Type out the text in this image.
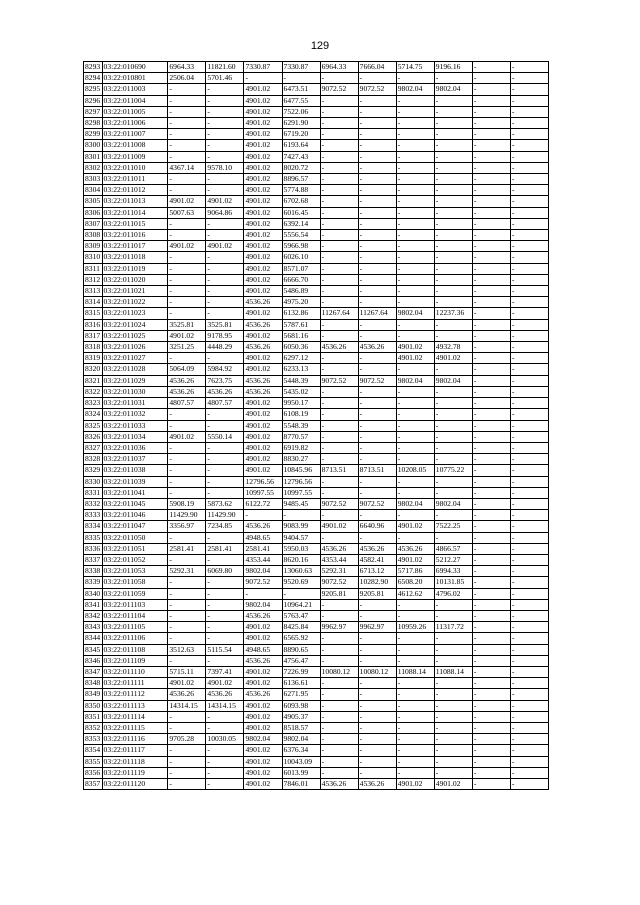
129
8293	03:22:010690	6964.33	11821.60	7330.87	7330.87	6964.33	7666.04	5714.75	9196.16	-	-
8294	03:22:010801	2506.04	5701.46	-	-	-	-	-	-	-	-
8295	03:22:011003	-	-	4901.02	6473.51	9072.52	9072.52	9802.04	9802.04	-	-
8296	03:22:011004	-	-	4901.02	6477.55	-	-	-	-	-	-
8297	03:22:011005	-	-	4901.02	7522.06	-	-	-	-	-	-
8298	03:22:011006	-	-	4901.02	6291.90	-	-	-	-	-	-
8299	03:22:011007	-	-	4901.02	6719.20	-	-	-	-	-	-
8300	03:22:011008	-	-	4901.02	6193.64	-	-	-	-	-	-
8301	03:22:011009	-	-	4901.02	7427.43	-	-	-	-	-	-
8302	03:22:011010	4367.14	9578.10	4901.02	8020.72	-	-	-	-	-	-
8303	03:22:011011	-	-	4901.02	8896.57	-	-	-	-	-	-
8304	03:22:011012	-	-	4901.02	5774.88	-	-	-	-	-	-
8305	03:22:011013	4901.02	4901.02	4901.02	6702.68	-	-	-	-	-	-
8306	03:22:011014	5007.63	9064.86	4901.02	6016.45	-	-	-	-	-	-
8307	03:22:011015	-	-	4901.02	6392.14	-	-	-	-	-	-
8308	03:22:011016	-	-	4901.02	5556.54	-	-	-	-	-	-
8309	03:22:011017	4901.02	4901.02	4901.02	5966.98	-	-	-	-	-	-
8310	03:22:011018	-	-	4901.02	6026.10	-	-	-	-	-	-
8311	03:22:011019	-	-	4901.02	8571.07	-	-	-	-	-	-
8312	03:22:011020	-	-	4901.02	6666.70	-	-	-	-	-	-
8313	03:22:011021	-	-	4901.02	5486.89	-	-	-	-	-	-
8314	03:22:011022	-	-	4536.26	4975.20	-	-	-	-	-	-
8315	03:22:011023	-	-	4901.02	6132.86	11267.64	11267.64	9802.04	12237.36	-	-
8316	03:22:011024	3525.81	3525.81	4536.26	5787.61	-	-	-	-	-	-
8317	03:22:011025	4901.02	9178.95	4901.02	5681.16	-	-	-	-	-	-
8318	03:22:011026	3251.25	4448.29	4536.26	6050.36	4536.26	4536.26	4901.02	4932.78	-	-
8319	03:22:011027	-	-	4901.02	6297.12	-	-	4901.02	4901.02	-	-
8320	03:22:011028	5064.09	5984.92	4901.02	6233.13	-	-	-	-	-	-
8321	03:22:011029	4536.26	7623.75	4536.26	5448.39	9072.52	9072.52	9802.04	9802.04	-	-
8322	03:22:011030	4536.26	4536.26	4536.26	5435.02	-	-	-	-	-	-
8323	03:22:011031	4807.57	4807.57	4901.02	9950.17	-	-	-	-	-	-
8324	03:22:011032	-	-	4901.02	6108.19	-	-	-	-	-	-
8325	03:22:011033	-	-	4901.02	5548.39	-	-	-	-	-	-
8326	03:22:011034	4901.02	5550.14	4901.02	8770.57	-	-	-	-	-	-
8327	03:22:011036	-	-	4901.02	6919.82	-	-	-	-	-	-
8328	03:22:011037	-	-	4901.02	8830.27	-	-	-	-	-	-
8329	03:22:011038	-	-	4901.02	10845.96	8713.51	8713.51	10208.05	10775.22	-	-
8330	03:22:011039	-	-	12796.56	12796.56	-	-	-	-	-	-
8331	03:22:011041	-	-	10997.55	10997.55	-	-	-	-	-	-
8332	03:22:011045	5908.19	5873.62	6122.72	9485.45	9072.52	9072.52	9802.04	9802.04	-	-
8333	03:22:011046	11429.90	11429.90	-	-	-	-	-	-	-	-
8334	03:22:011047	3356.97	7234.85	4536.26	9083.99	4901.02	6640.96	4901.02	7522.25	-	-
8335	03:22:011050	-	-	4948.65	9404.57	-	-	-	-	-	-
8336	03:22:011051	2581.41	2581.41	2581.41	5950.03	4536.26	4536.26	4536.26	4866.57	-	-
8337	03:22:011052	-	-	4353.44	8620.16	4353.44	4582.41	4901.02	5212.27	-	-
8338	03:22:011053	5292.31	6069.80	9802.04	13060.63	5292.31	6713.12	5717.86	6994.33	-	-
8339	03:22:011058	-	-	9072.52	9520.69	9072.52	10282.90	6508.20	10131.85	-	-
8340	03:22:011059	-	-	-	-	9205.81	9205.81	4612.62	4796.02	-	-
8341	03:22:011103	-	-	9802.04	10964.21	-	-	-	-	-	-
8342	03:22:011104	-	-	4536.26	5763.47	-	-	-	-	-	-
8343	03:22:011105	-	-	4901.02	8425.84	9962.97	9962.97	10959.26	11317.72	-	-
8344	03:22:011106	-	-	4901.02	6565.92	-	-	-	-	-	-
8345	03:22:011108	3512.63	5115.54	4948.65	8890.65	-	-	-	-	-	-
8346	03:22:011109	-	-	4536.26	4756.47	-	-	-	-	-	-
8347	03:22:011110	5715.11	7397.41	4901.02	7226.99	10080.12	10080.12	11088.14	11088.14	-	-
8348	03:22:011111	4901.02	4901.02	4901.02	6136.61	-	-	-	-	-	-
8349	03:22:011112	4536.26	4536.26	4536.26	6271.95	-	-	-	-	-	-
8350	03:22:011113	14314.15	14314.15	4901.02	6093.98	-	-	-	-	-	-
8351	03:22:011114	-	-	4901.02	4905.37	-	-	-	-	-	-
8352	03:22:011115	-	-	4901.02	8518.57	-	-	-	-	-	-
8353	03:22:011116	9705.28	10030.05	9802.04	9802.04	-	-	-	-	-	-
8354	03:22:011117	-	-	4901.02	6376.34	-	-	-	-	-	-
8355	03:22:011118	-	-	4901.02	10043.09	-	-	-	-	-	-
8356	03:22:011119	-	-	4901.02	6013.99	-	-	-	-	-	-
8357	03:22:011120	-	-	4901.02	7846.01	4536.26	4536.26	4901.02	4901.02	-	-
